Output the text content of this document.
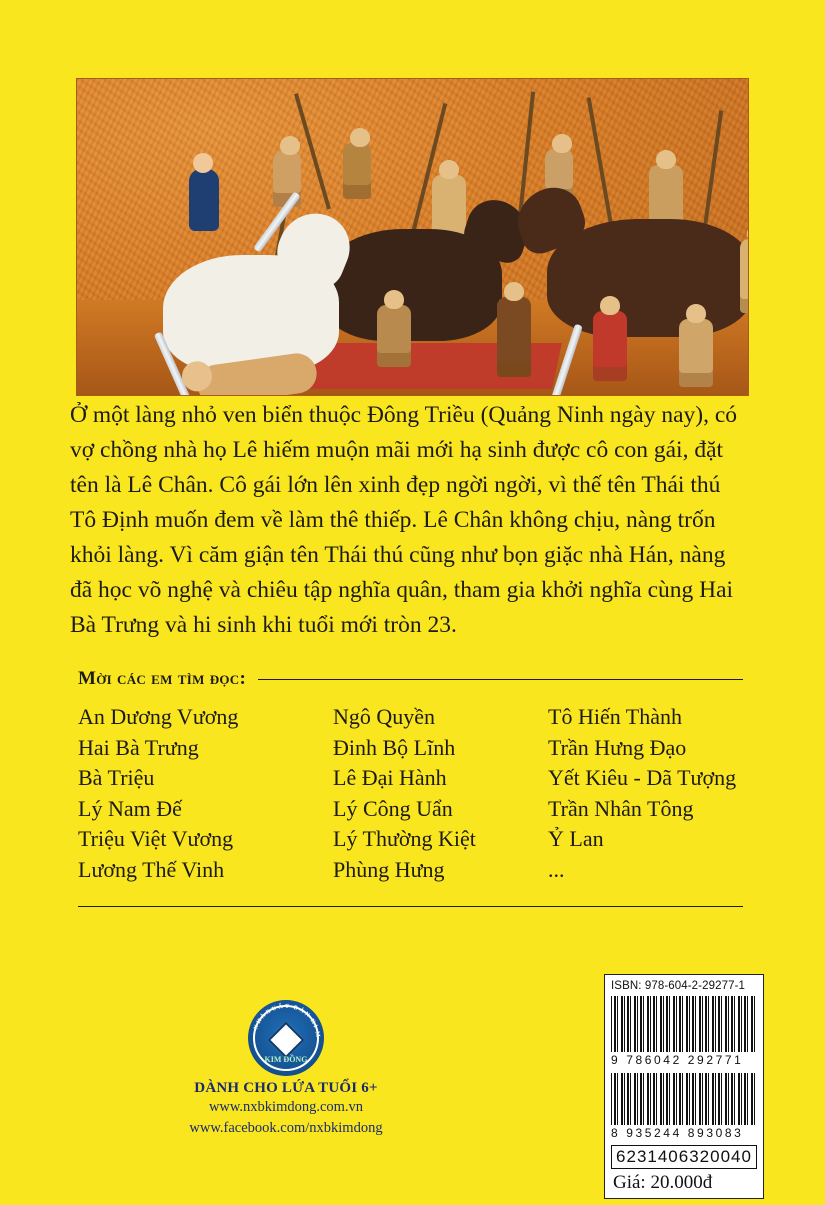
Ở một làng nhỏ ven biển thuộc Đông Triều (Quảng Ninh ngày nay), có vợ chồng nhà họ Lê hiếm muộn mãi mới hạ sinh được cô con gái, đặt tên là Lê Chân. Cô gái lớn lên xinh đẹp ngời ngời, vì thế tên Thái thú Tô Định muốn đem về làm thê thiếp. Lê Chân không chịu, nàng trốn khỏi làng. Vì căm giận tên Thái thú cũng như bọn giặc nhà Hán, nàng đã học võ nghệ và chiêu tập nghĩa quân, tham gia khởi nghĩa cùng Hai Bà Trưng và hi sinh khi tuổi mới tròn 23.
Mời các em tìm đọc:
An Dương Vương	Ngô Quyền	Tô Hiến Thành
Hai Bà Trưng	Đinh Bộ Lĩnh	Trần Hưng Đạo
Bà Triệu	Lê Đại Hành	Yết Kiêu - Dã Tượng
Lý Nam Đế	Lý Công Uẩn	Trần Nhân Tông
Triệu Việt Vương	Lý Thường Kiệt	Ỷ Lan
Lương Thế Vinh	Phùng Hưng	...
N
H
À
X
U Ấ T B Ả
N
K
I
M
KIM ĐỒNG
DÀNH CHO LỨA TUỔI 6+
www.nxbkimdong.com.vn
www.facebook.com/nxbkimdong
ISBN: 978-604-2-29277-1
9 786042 292771
8 935244 893083
6231406320040
Giá: 20.000đ
